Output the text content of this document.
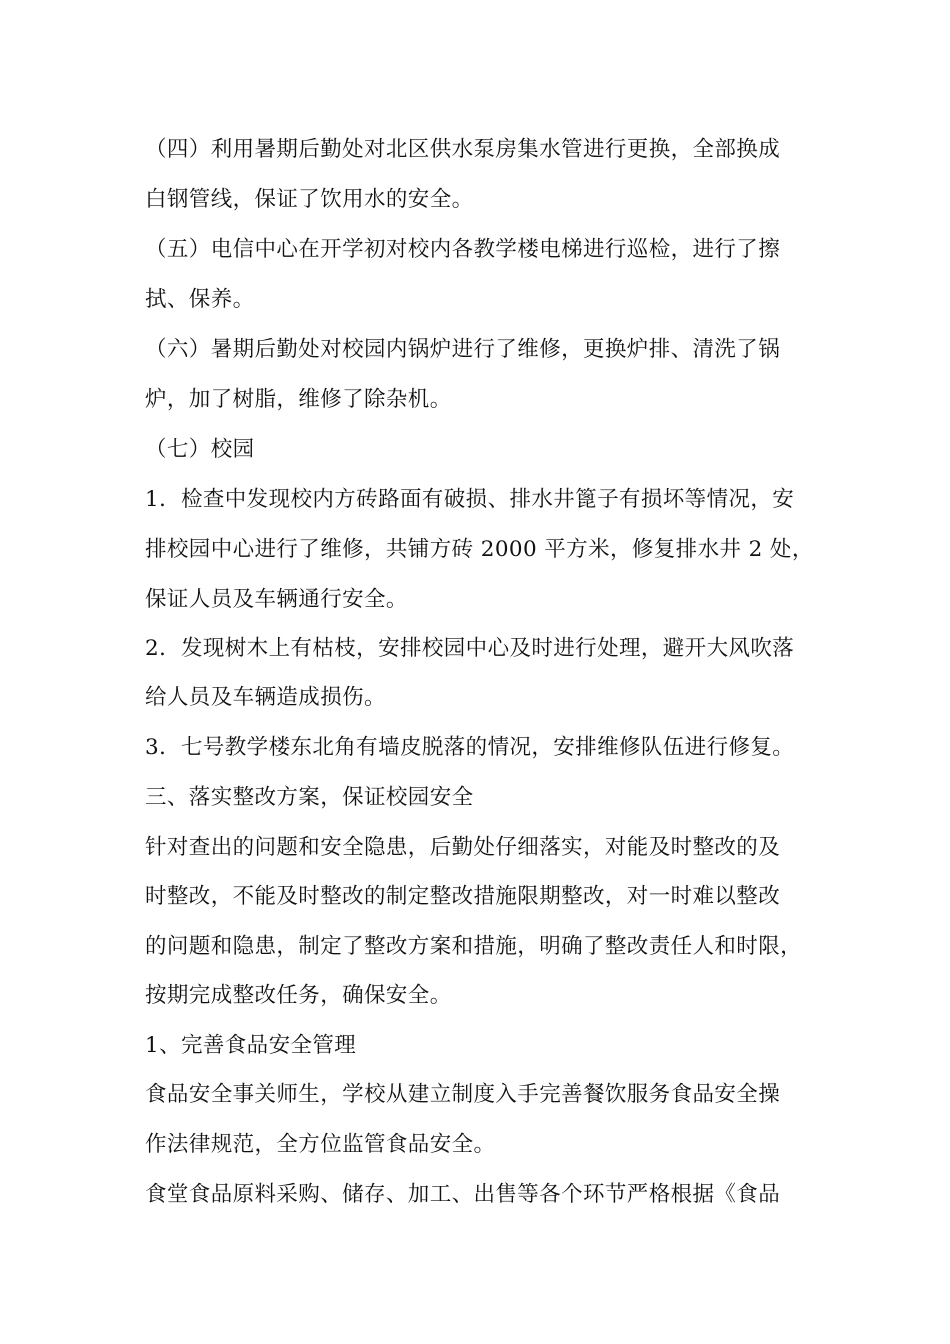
（四）利用暑期后勤处对北区供水泵房集水管进行更换，全部换成
白钢管线，保证了饮用水的安全。
（五）电信中心在开学初对校内各教学楼电梯进行巡检，进行了擦
拭、保养。
（六）暑期后勤处对校园内锅炉进行了维修，更换炉排、清洗了锅
炉，加了树脂，维修了除杂机。
（七）校园
1．检查中发现校内方砖路面有破损、排水井篦子有损坏等情况，安
排校园中心进行了维修，共铺方砖 2000 平方米，修复排水井 2 处，
保证人员及车辆通行安全。
2．发现树木上有枯枝，安排校园中心及时进行处理，避开大风吹落
给人员及车辆造成损伤。
3．七号教学楼东北角有墙皮脱落的情况，安排维修队伍进行修复。
三、落实整改方案，保证校园安全
针对查出的问题和安全隐患，后勤处仔细落实，对能及时整改的及
时整改，不能及时整改的制定整改措施限期整改，对一时难以整改
的问题和隐患，制定了整改方案和措施，明确了整改责任人和时限，
按期完成整改任务，确保安全。
1、完善食品安全管理
食品安全事关师生，学校从建立制度入手完善餐饮服务食品安全操
作法律规范，全方位监管食品安全。
食堂食品原料采购、储存、加工、出售等各个环节严格根据《食品
